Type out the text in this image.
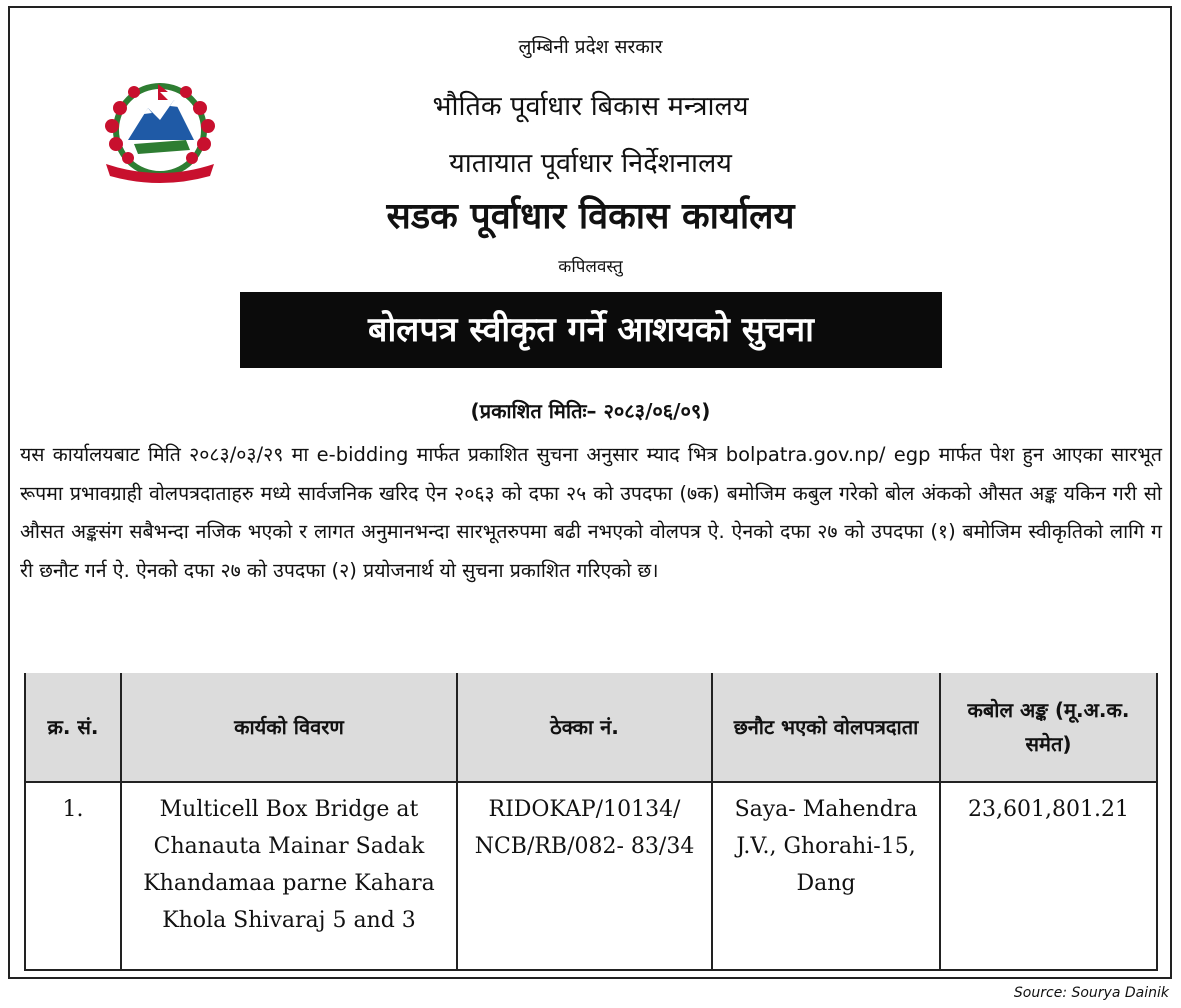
लुम्बिनी प्रदेश सरकार
भौतिक पूर्वाधार बिकास मन्त्रालय
यातायात पूर्वाधार निर्देशनालय
सडक पूर्वाधार विकास कार्यालय
कपिलवस्तु
बोलपत्र स्वीकृत गर्ने आशयको सुचना
(प्रकाशित मितिः– २०८३/०६/०९)
यस कार्यालयबाट मिति २०८३/०३/२९ मा e-bidding मार्फत प्रकाशित सुचना अनुसार म्याद भित्र bolpatra.gov.np/ egp मार्फत पेश हुन आएका सारभूत रूपमा प्रभावग्राही वोलपत्रदाताहरु मध्ये सार्वजनिक खरिद ऐन २०६३ को दफा २५ को उपदफा (७क) बमोजिम कबुल गरेको बोल अंकको औसत अङ्क यकिन गरी सो औसत अङ्कसंग सबैभन्दा नजिक भएको र लागत अनुमानभन्दा सारभूतरुपमा बढी नभएको वोलपत्र ऐ. ऐनको दफा २७ को उपदफा (१) बमोजिम स्वीकृतिको लागि ग री छनौट गर्न ऐ. ऐनको दफा २७ को उपदफा (२) प्रयोजनार्थ यो सुचना प्रकाशित गरिएको छ।
क्र. सं.	कार्यको विवरण	ठेक्का नं.	छनौट भएको वोलपत्रदाता	कबोल अङ्क (मू.अ.क. समेत)
1.	Multicell Box Bridge at Chanauta Mainar Sadak Khandamaa parne Kahara Khola Shivaraj 5 and 3	RIDOKAP/10134/ NCB/RB/082- 83/34	Saya- Mahendra J.V., Ghorahi-15, Dang	23,601,801.21
Source: Sourya Dainik
